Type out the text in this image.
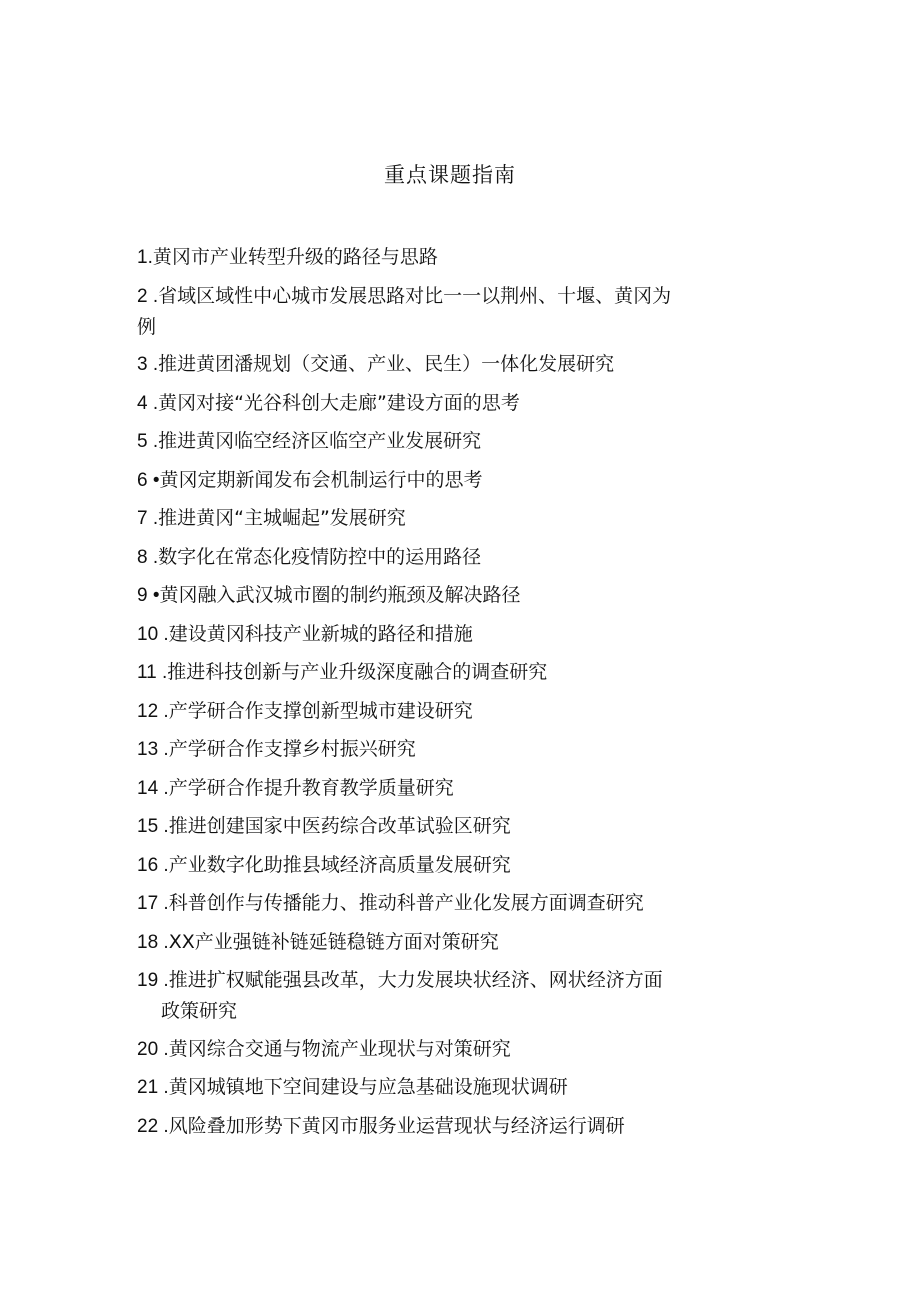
重点课题指南
1.黄冈市产业转型升级的路径与思路
2 .省域区域性中心城市发展思路对比一一以荆州、十堰、黄冈为
例
3 .推进黄团潘规划（交通、产业、民生）一体化发展研究
4 .黄冈对接“光谷科创大走廊”建设方面的思考
5 .推进黄冈临空经济区临空产业发展研究
6 •黄冈定期新闻发布会机制运行中的思考
7 .推进黄冈“主城崛起”发展研究
8 .数字化在常态化疫情防控中的运用路径
9 •黄冈融入武汉城市圈的制约瓶颈及解决路径
10 .建设黄冈科技产业新城的路径和措施
11 .推进科技创新与产业升级深度融合的调查研究
12 .产学研合作支撑创新型城市建设研究
13 .产学研合作支撑乡村振兴研究
14 .产学研合作提升教育教学质量研究
15 .推进创建国家中医药综合改革试验区研究
16 .产业数字化助推县域经济高质量发展研究
17 .科普创作与传播能力、推动科普产业化发展方面调查研究
18 .XX产业强链补链延链稳链方面对策研究
19 .推进扩权赋能强县改革，大力发展块状经济、网状经济方面
政策研究
20 .黄冈综合交通与物流产业现状与对策研究
21 .黄冈城镇地下空间建设与应急基础设施现状调研
22 .风险叠加形势下黄冈市服务业运营现状与经济运行调研
